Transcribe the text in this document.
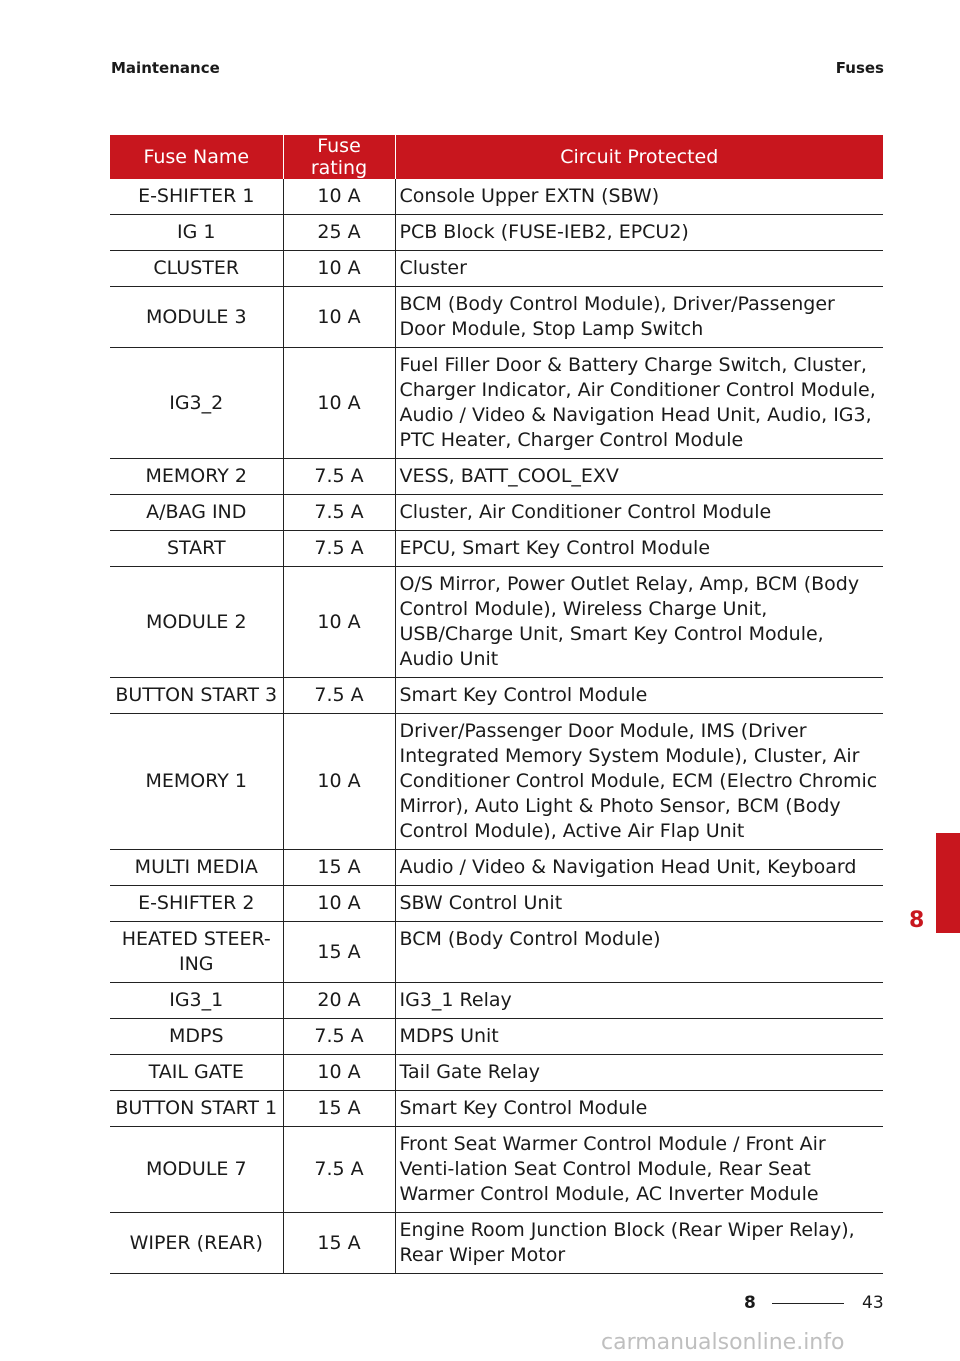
Maintenance	Fuses
Fuse Name	Fuse rating	Circuit Protected
E-SHIFTER 1	10 A	Console Upper EXTN (SBW)
IG 1	25 A	PCB Block (FUSE-IEB2, EPCU2)
CLUSTER	10 A	Cluster
MODULE 3	10 A	BCM (Body Control Module), Driver/Passenger Door Module, Stop Lamp Switch
IG3_2	10 A	Fuel Filler Door & Battery Charge Switch, Cluster, Charger Indicator, Air Conditioner Control Module, Audio / Video & Navigation Head Unit, Audio, IG3, PTC Heater, Charger Control Module
MEMORY 2	7.5 A	VESS, BATT_COOL_EXV
A/BAG IND	7.5 A	Cluster, Air Conditioner Control Module
START	7.5 A	EPCU, Smart Key Control Module
MODULE 2	10 A	O/S Mirror, Power Outlet Relay, Amp, BCM (Body Control Module), Wireless Charge Unit, USB/Charge Unit, Smart Key Control Module, Audio Unit
BUTTON START 3	7.5 A	Smart Key Control Module
MEMORY 1	10 A	Driver/Passenger Door Module, IMS (Driver Integrated Memory System Module), Cluster, Air Conditioner Control Module, ECM (Electro Chromic Mirror), Auto Light & Photo Sensor, BCM (Body Control Module), Active Air Flap Unit
MULTI MEDIA	15 A	Audio / Video & Navigation Head Unit, Keyboard
E-SHIFTER 2	10 A	SBW Control Unit
HEATED STEER-ING	15 A	BCM (Body Control Module)
IG3_1	20 A	IG3_1 Relay
MDPS	7.5 A	MDPS Unit
TAIL GATE	10 A	Tail Gate Relay
BUTTON START 1	15 A	Smart Key Control Module
MODULE 7	7.5 A	Front Seat Warmer Control Module / Front Air Venti-lation Seat Control Module, Rear Seat Warmer Control Module, AC Inverter Module
WIPER (REAR)	15 A	Engine Room Junction Block (Rear Wiper Relay), Rear Wiper Motor
8
8	43
carmanualsonline.info
